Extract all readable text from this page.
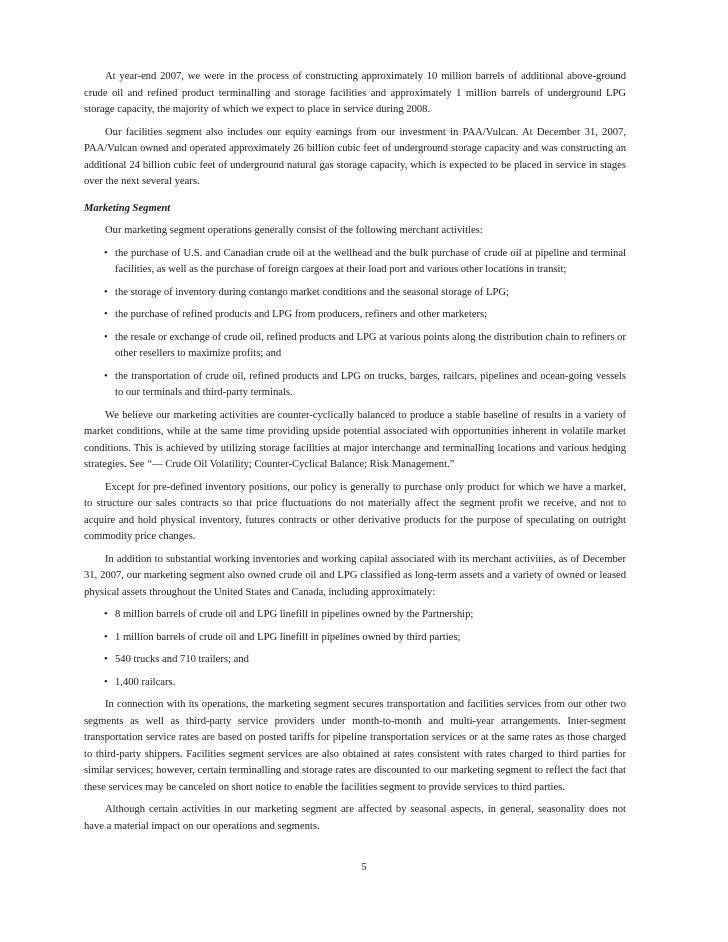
At year-end 2007, we were in the process of constructing approximately 10 million barrels of additional above-ground crude oil and refined product terminalling and storage facilities and approximately 1 million barrels of underground LPG storage capacity, the majority of which we expect to place in service during 2008.

Our facilities segment also includes our equity earnings from our investment in PAA/Vulcan. At December 31, 2007, PAA/Vulcan owned and operated approximately 26 billion cubic feet of underground storage capacity and was constructing an additional 24 billion cubic feet of underground natural gas storage capacity, which is expected to be placed in service in stages over the next several years.

Marketing Segment

Our marketing segment operations generally consist of the following merchant activities:

• the purchase of U.S. and Canadian crude oil at the wellhead and the bulk purchase of crude oil at pipeline and terminal facilities, as well as the purchase of foreign cargoes at their load port and various other locations in transit;
• the storage of inventory during contango market conditions and the seasonal storage of LPG;
• the purchase of refined products and LPG from producers, refiners and other marketers;
• the resale or exchange of crude oil, refined products and LPG at various points along the distribution chain to refiners or other resellers to maximize profits; and
• the transportation of crude oil, refined products and LPG on trucks, barges, railcars, pipelines and ocean-going vessels to our terminals and third-party terminals.

We believe our marketing activities are counter-cyclically balanced to produce a stable baseline of results in a variety of market conditions, while at the same time providing upside potential associated with opportunities inherent in volatile market conditions. This is achieved by utilizing storage facilities at major interchange and terminalling locations and various hedging strategies. See “— Crude Oil Volatility; Counter-Cyclical Balance; Risk Management.”

Except for pre-defined inventory positions, our policy is generally to purchase only product for which we have a market, to structure our sales contracts so that price fluctuations do not materially affect the segment profit we receive, and not to acquire and hold physical inventory, futures contracts or other derivative products for the purpose of speculating on outright commodity price changes.

In addition to substantial working inventories and working capital associated with its merchant activities, as of December 31, 2007, our marketing segment also owned crude oil and LPG classified as long-term assets and a variety of owned or leased physical assets throughout the United States and Canada, including approximately:

• 8 million barrels of crude oil and LPG linefill in pipelines owned by the Partnership;
• 1 million barrels of crude oil and LPG linefill in pipelines owned by third parties;
• 540 trucks and 710 trailers; and
• 1,400 railcars.

In connection with its operations, the marketing segment secures transportation and facilities services from our other two segments as well as third-party service providers under month-to-month and multi-year arrangements. Inter-segment transportation service rates are based on posted tariffs for pipeline transportation services or at the same rates as those charged to third-party shippers. Facilities segment services are also obtained at rates consistent with rates charged to third parties for similar services; however, certain terminalling and storage rates are discounted to our marketing segment to reflect the fact that these services may be canceled on short notice to enable the facilities segment to provide services to third parties.

Although certain activities in our marketing segment are affected by seasonal aspects, in general, seasonality does not have a material impact on our operations and segments.

5
